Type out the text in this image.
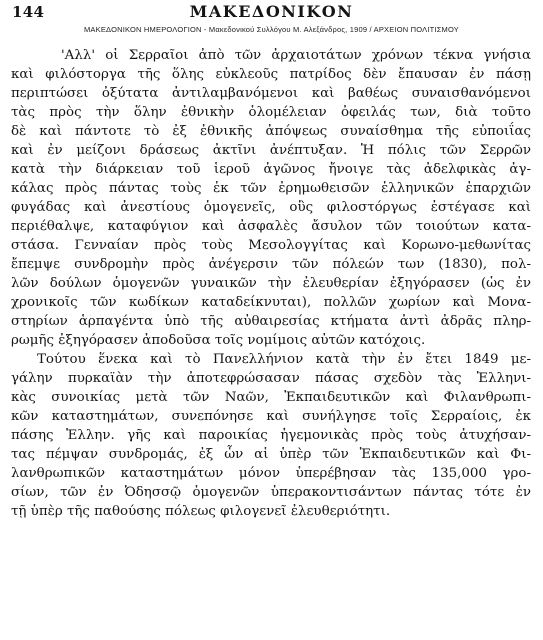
144	ΜΑΚΕΔΟΝΙΚΟΝ
ΜΑΚΕΔΟΝΙΚΟΝ ΗΜΕΡΟΛΟΓΙΟΝ - Μακεδονικού Συλλόγου Μ. Αλεξάνδρος, 1909 / ΑΡΧΕΙΟΝ ΠΟΛΙΤΙΣΜΟΥ
'Αλλ' οἱ Σερραῖοι ἀπὸ τῶν ἀρχαιοτάτων χρόνων τέκνα γνήσια
καὶ φιλόστοργα τῆς ὅλης εὐκλεοῦς πατρίδος δὲν ἔπαυσαν ἐν πάσῃ
περιπτώσει ὀξύτατα ἀντιλαμβανόμενοι καὶ βαθέως συναισθανόμενοι
τὰς πρὸς τὴν ὅλην ἐθνικὴν ὁλομέλειαν ὀφειλάς των, διὰ τοῦτο
δὲ καὶ πάντοτε τὸ ἐξ ἐθνικῆς ἀπόψεως συναίσθημα τῆς εὐποιΐας
καὶ ἐν μείζονι δράσεως ἀκτῖνι ἀνέπτυξαν. Ἡ πόλις τῶν Σερρῶν
κατὰ τὴν διάρκειαν τοῦ ἱεροῦ ἀγῶνος ἤνοιγε τὰς ἀδελφικὰς ἀγ-
κάλας πρὸς πάντας τοὺς ἐκ τῶν ἐρημωθεισῶν ἑλληνικῶν ἐπαρχιῶν
φυγάδας καὶ ἀνεστίους ὁμογενεῖς, οὓς φιλοστόργως ἐστέγασε καὶ
περιέθαλψε, καταφύγιον καὶ ἀσφαλὲς ἄσυλον τῶν τοιούτων κατα-
στάσα. Γενναίαν πρὸς τοὺς Μεσολογγίτας καὶ Κορωνο-μεθωνίτας
ἔπεμψε συνδρομὴν πρὸς ἀνέγερσιν τῶν πόλεών των (1830), πολ-
λῶν δούλων ὁμογενῶν γυναικῶν τὴν ἐλευθερίαν ἐξηγόρασεν (ὡς ἐν
χρονικοῖς τῶν κωδίκων καταδείκνυται), πολλῶν χωρίων καὶ Μονα-
στηρίων ἁρπαγέντα ὑπὸ τῆς αὐθαιρεσίας κτήματα ἀντὶ ἀδρᾶς πληρ-
ρωμῆς ἐξηγόρασεν ἀποδοῦσα τοῖς νομίμοις αὐτῶν κατόχοις.
Τούτου ἕνεκα καὶ τὸ Πανελλήνιον κατὰ τὴν ἐν ἔτει 1849 με-
γάλην πυρκαϊὰν τὴν ἀποτεφρώσασαν πάσας σχεδὸν τὰς Ἑλληνι-
κὰς συνοικίας μετὰ τῶν Ναῶν, Ἐκπαιδευτικῶν καὶ Φιλανθρωπι-
κῶν καταστημάτων, συνεπόνησε καὶ συνήλγησε τοῖς Σερραίοις, ἐκ
πάσης Ἑλλην. γῆς καὶ παροικίας ἡγεμονικὰς πρὸς τοὺς ἀτυχήσαν-
τας πέμψαν συνδρομάς, ἐξ ὧν αἱ ὑπὲρ τῶν Ἐκπαιδευτικῶν καὶ Φι-
λανθρωπικῶν καταστημάτων μόνον ὑπερέβησαν τὰς 135,000 γρο-
σίων, τῶν ἐν Ὀδησσῷ ὁμογενῶν ὑπερακοντισάντων πάντας τότε ἐν
τῇ ὑπὲρ τῆς παθούσης πόλεως φιλογενεῖ ἐλευθεριότητι.
